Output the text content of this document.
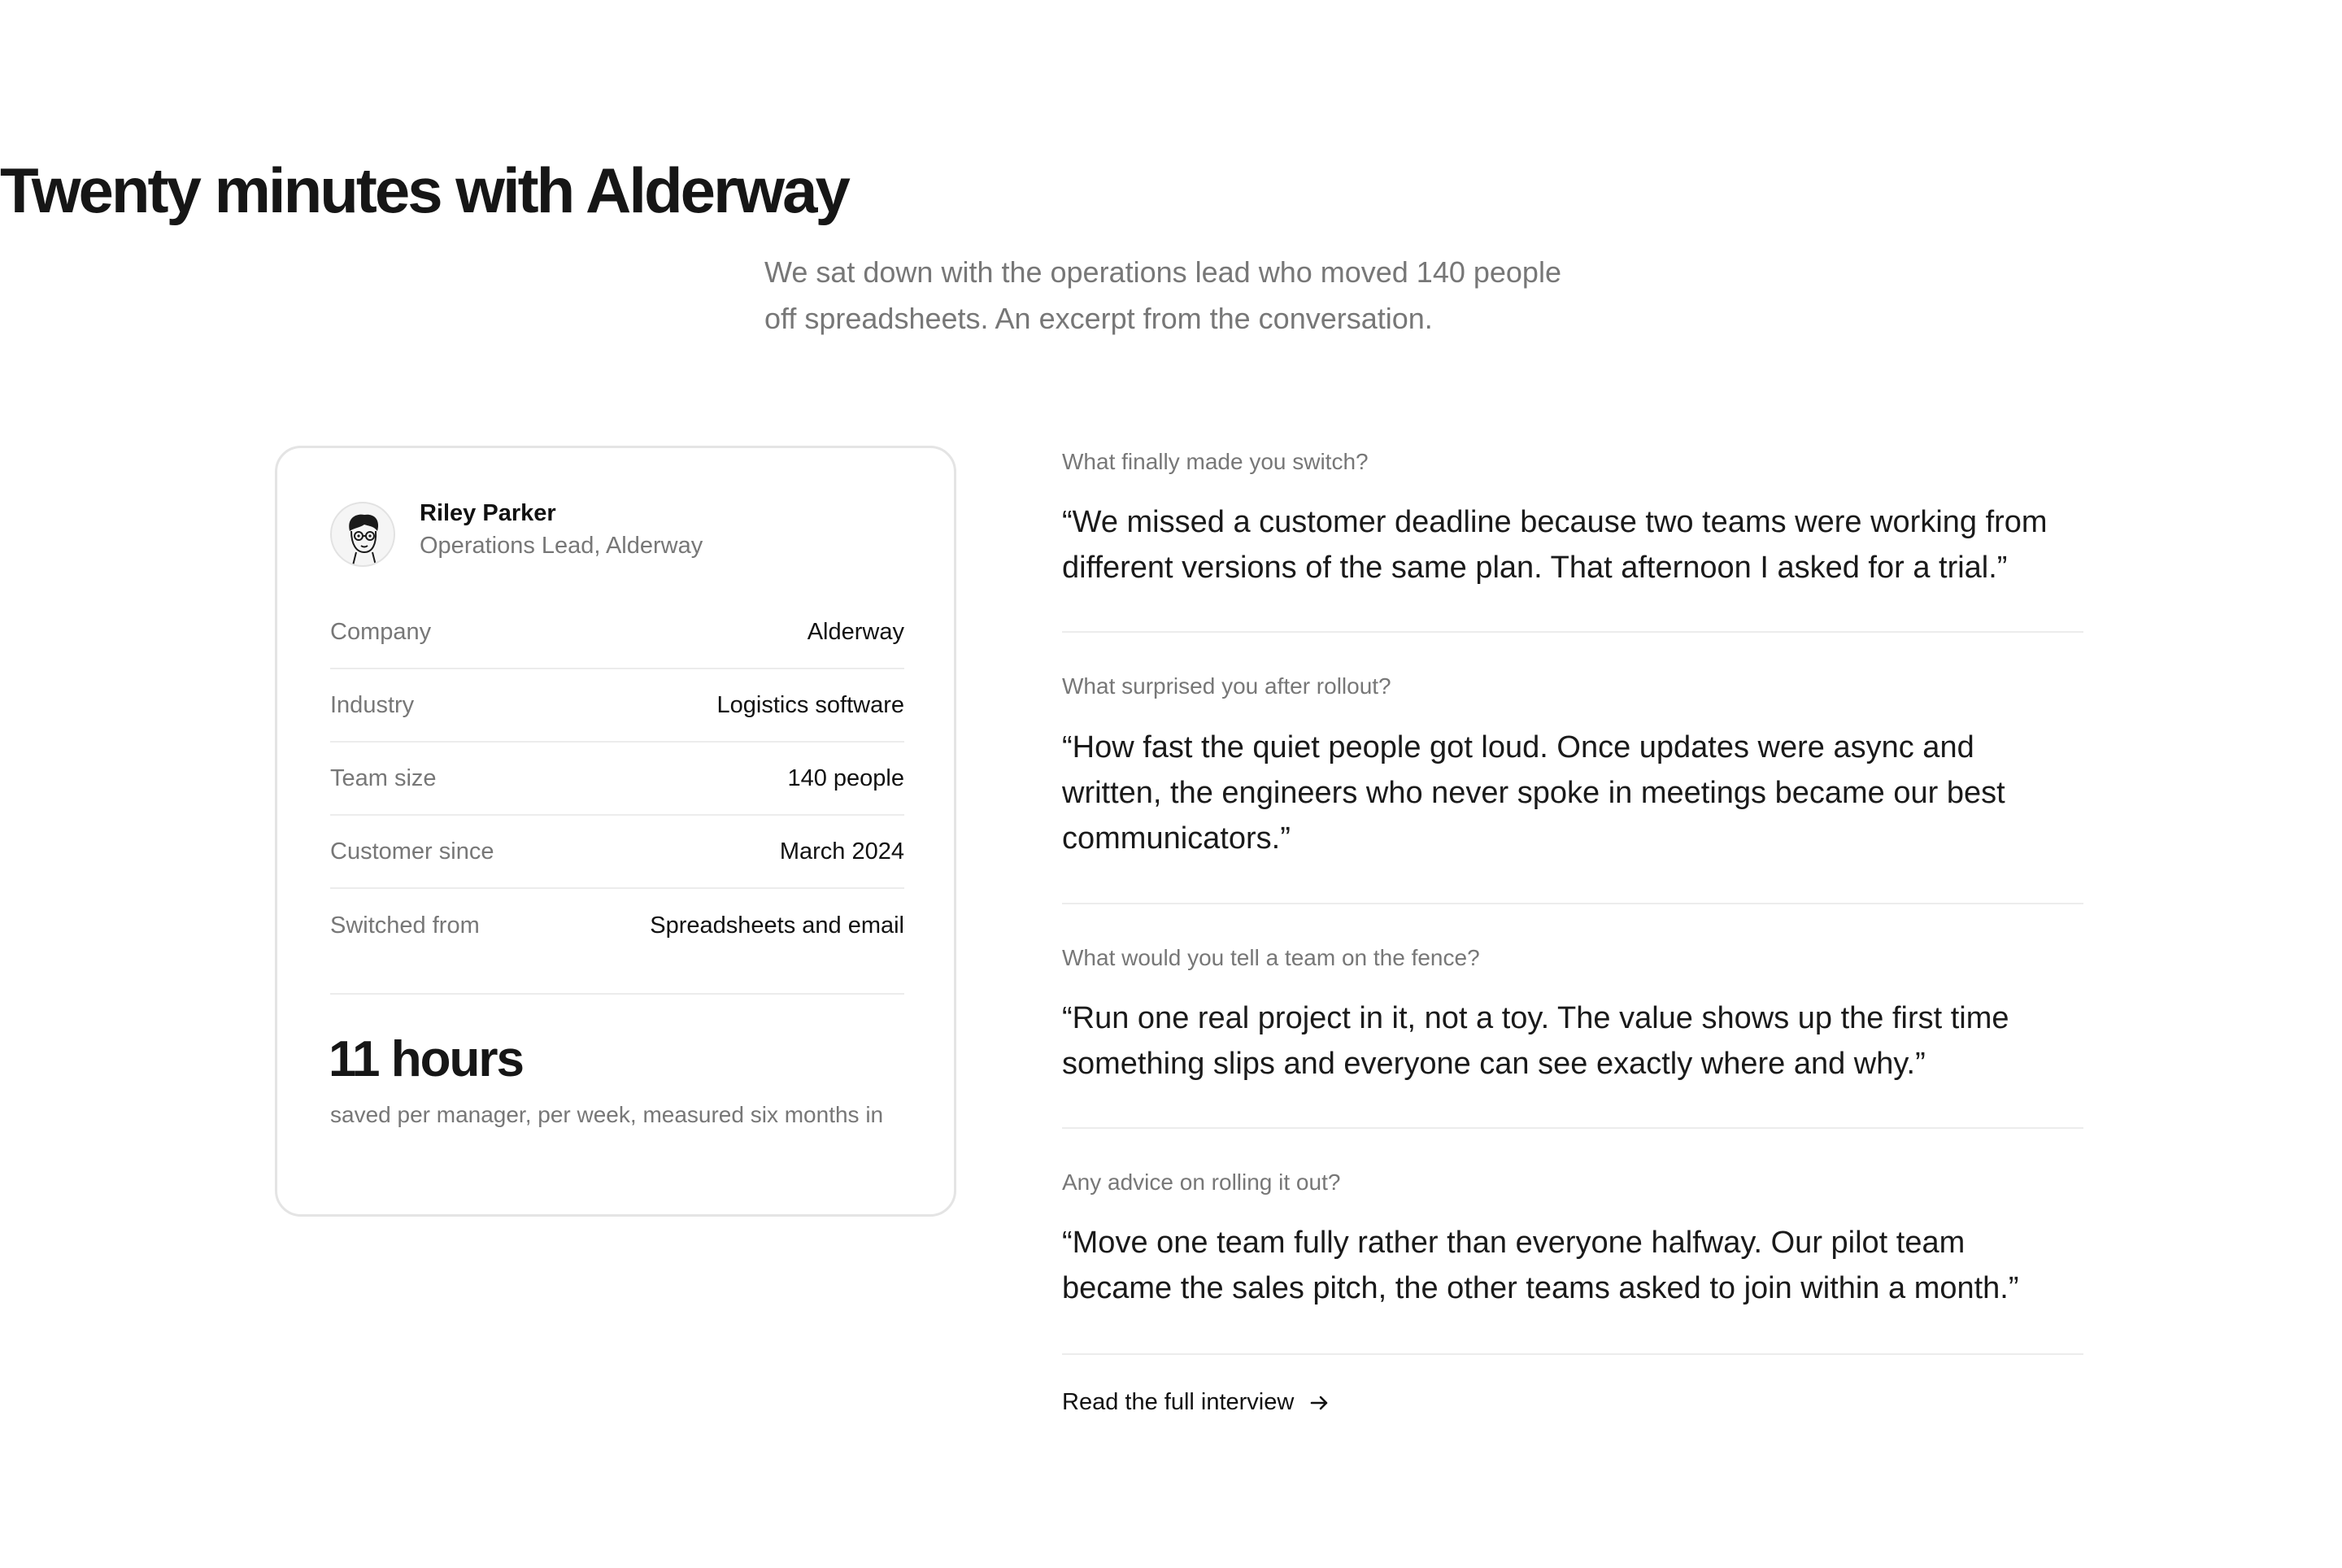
Twenty minutes with Alderway

We sat down with the operations lead who moved 140 people off spreadsheets. An excerpt from the conversation.

Riley Parker
Operations Lead, Alderway
Company	Alderway
Industry	Logistics software
Team size	140 people
Customer since	March 2024
Switched from	Spreadsheets and email
11 hours
saved per manager, per week, measured six months in
What finally made you switch?
“We missed a customer deadline because two teams were working from different versions of the same plan. That afternoon I asked for a trial.”
What surprised you after rollout?
“How fast the quiet people got loud. Once updates were async and written, the engineers who never spoke in meetings became our best communicators.”
What would you tell a team on the fence?
“Run one real project in it, not a toy. The value shows up the first time something slips and everyone can see exactly where and why.”
Any advice on rolling it out?
“Move one team fully rather than everyone halfway. Our pilot team became the sales pitch, the other teams asked to join within a month.”
Read the full interview
